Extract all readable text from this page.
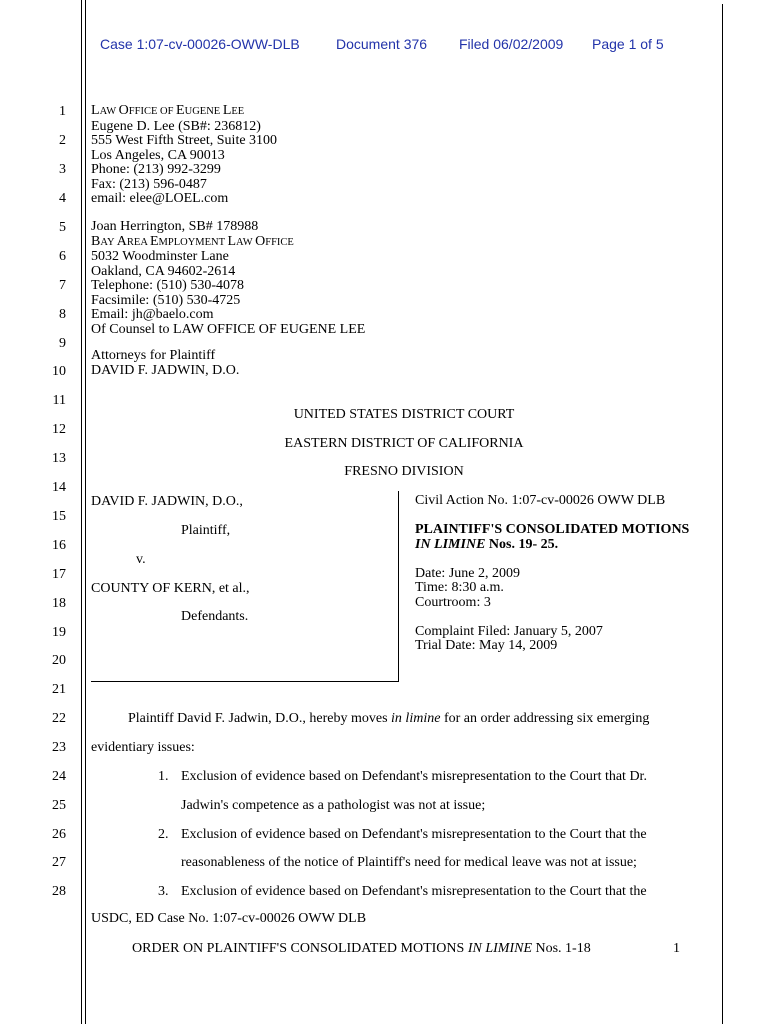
Case 1:07-cv-00026-OWW-DLB	Document 376 Filed 06/02/2009 Page 1 of 5
1
2
3
4
5
6
7
8
9
10
11
12
13
14
15
16
17
18
19
20
21
22
23
24
25
26
27
28
LAW OFFICE OF EUGENE LEE
Eugene D. Lee (SB#: 236812)
555 West Fifth Street, Suite 3100
Los Angeles, CA 90013
Phone: (213) 992-3299
Fax: (213) 596-0487
email: elee@LOEL.com
Joan Herrington, SB# 178988
BAY AREA EMPLOYMENT LAW OFFICE
5032 Woodminster Lane
Oakland, CA 94602-2614
Telephone: (510) 530-4078
Facsimile: (510) 530-4725
Email: jh@baelo.com
Of Counsel to LAW OFFICE OF EUGENE LEE
Attorneys for Plaintiff
DAVID F. JADWIN, D.O.
UNITED STATES DISTRICT COURT
EASTERN DISTRICT OF CALIFORNIA
FRESNO DIVISION
DAVID F. JADWIN, D.O.,
Plaintiff,
v.
COUNTY OF KERN, et al.,
Defendants.
Civil Action No. 1:07-cv-00026 OWW DLB
PLAINTIFF'S CONSOLIDATED MOTIONS
IN LIMINE Nos. 19- 25.
Date: June 2, 2009
Time: 8:30 a.m.
Courtroom: 3
Complaint Filed: January 5, 2007
Trial Date: May 14, 2009
Plaintiff David F. Jadwin, D.O., hereby moves in limine for an order addressing six emerging
evidentiary issues:
1. Exclusion of evidence based on Defendant's misrepresentation to the Court that Dr.
Jadwin's competence as a pathologist was not at issue;
2. Exclusion of evidence based on Defendant's misrepresentation to the Court that the
reasonableness of the notice of Plaintiff's need for medical leave was not at issue;
3. Exclusion of evidence based on Defendant's misrepresentation to the Court that the
USDC, ED Case No. 1:07-cv-00026 OWW DLB
ORDER ON PLAINTIFF'S CONSOLIDATED MOTIONS IN LIMINE Nos. 1-18	1
